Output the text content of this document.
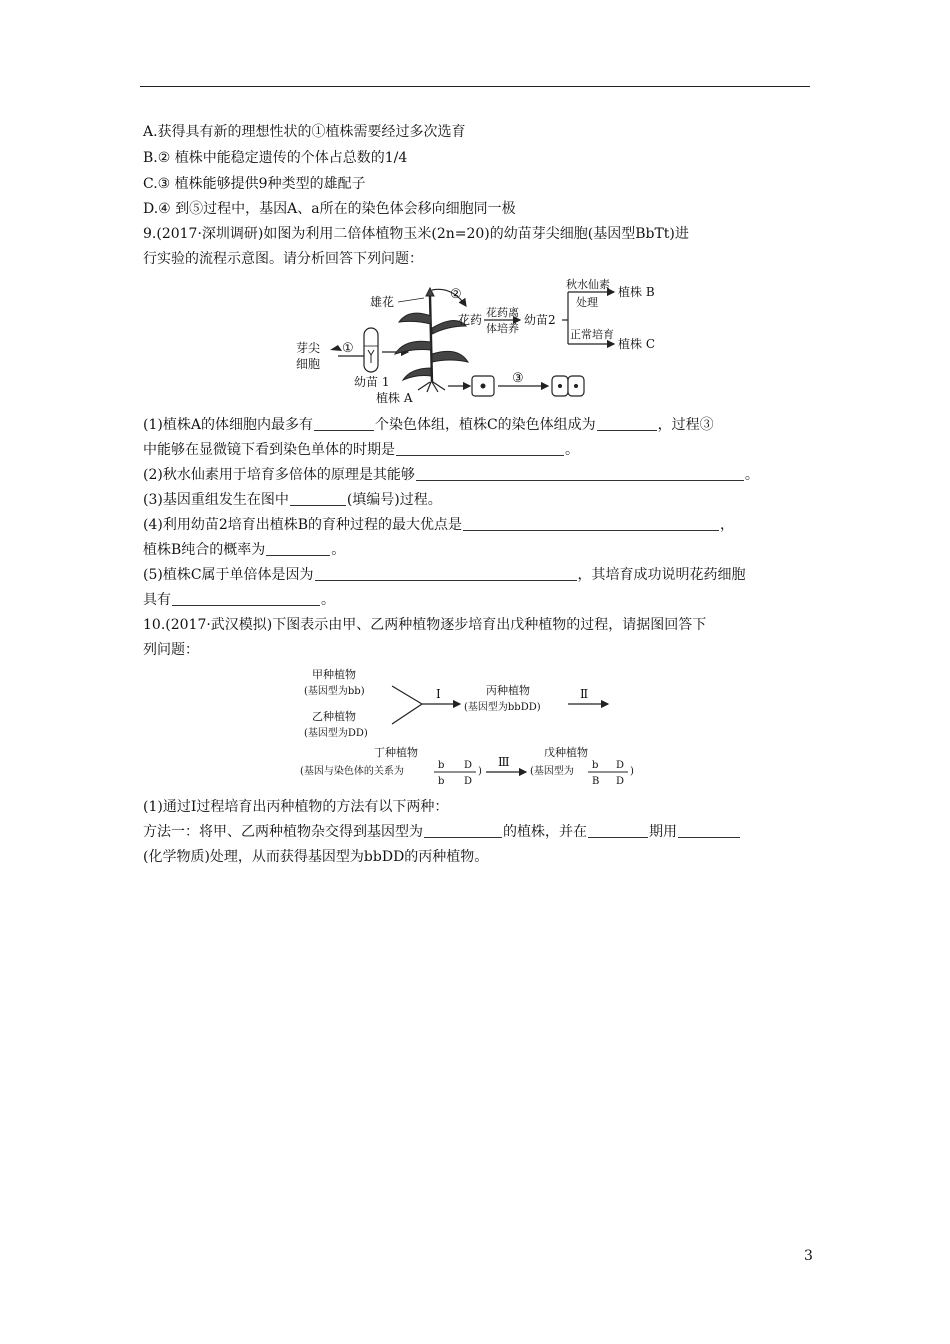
A.获得具有新的理想性状的①植株需要经过多次选育
B.② 植株中能稳定遗传的个体占总数的1/4
C.③ 植株能够提供9种类型的雄配子
D.④ 到⑤过程中，基因A、a所在的染色体会移向细胞同一极
9.(2017·深圳调研)如图为利用二倍体植物玉米(2n=20)的幼苗芽尖细胞(基因型BbTt)进
行实验的流程示意图。请分析回答下列问题：
芽尖
细胞
①
幼苗 1
雄花
植株 A
②
花药
花药离
体培养
幼苗2
秋水仙素
处理
植株 B
正常培育
植株 C
③
(1)植株A的体细胞内最多有	个染色体组，植株C的染色体组成为	，过程③
中能够在显微镜下看到染色单体的时期是	。
(2)秋水仙素用于培育多倍体的原理是其能够	。
(3)基因重组发生在图中	(填编号)过程。
(4)利用幼苗2培育出植株B的育种过程的最大优点是	，
植株B纯合的概率为	。
(5)植株C属于单倍体是因为	，其培育成功说明花药细胞
具有	。
10.(2017·武汉模拟)下图表示由甲、乙两种植物逐步培育出戊种植物的过程，请据图回答下
列问题：
甲种植物
(基因型为bb)
乙种植物
(基因型为DD)
Ⅰ	丙种植物
(基因型为bbDD)
Ⅱ
丁种植物
(基因与染色体的关系为
b D
b D
)
Ⅲ
戊种植物
(基因型为
b D
B D
)
(1)通过Ⅰ过程培育出丙种植物的方法有以下两种：
方法一：将甲、乙两种植物杂交得到基因型为	的植株，并在	期用
(化学物质)处理，从而获得基因型为bbDD的丙种植物。
3
